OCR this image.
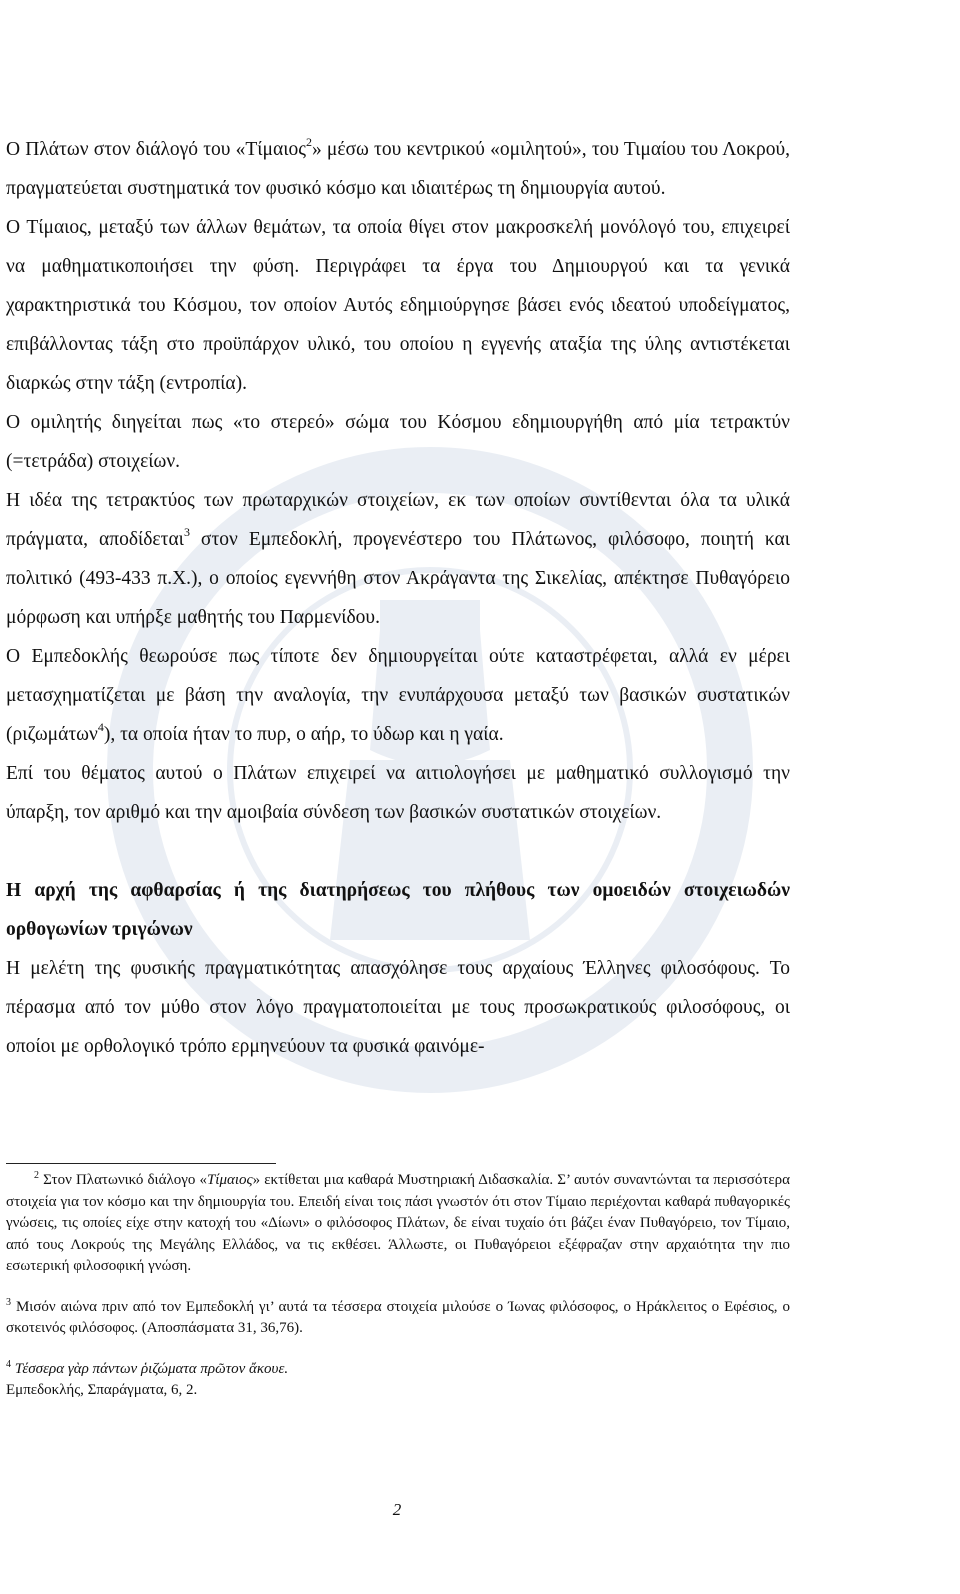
Ο Πλάτων στον διάλογό του «Τίμαιος$^2$» μέσω του κεντρικού «ομιλητού», του Τιμαίου του Λοκρού, πραγματεύεται συστηματικά τον φυσικό κόσμο και ιδιαιτέρως τη δημιουργία αυτού.

Ο Τίμαιος, μεταξύ των άλλων θεμάτων, τα οποία θίγει στον μακροσκελή μονόλογό του, επιχειρεί να μαθηματικοποιήσει την φύση. Περιγράφει τα έργα του Δημιουργού και τα γενικά χαρακτηριστικά του Κόσμου, τον οποίον Αυτός εδημιούργησε βάσει ενός ιδεατού υποδείγματος, επιβάλλοντας τάξη στο προϋπάρχον υλικό, του οποίου η εγγενής αταξία της ύλης αντιστέκεται διαρκώς στην τάξη (εντροπία).

Ο ομιλητής διηγείται πως «το στερεό» σώμα του Κόσμου εδημιουργήθη από μία τετρακτύν (=τετράδα) στοιχείων.

Η ιδέα της τετρακτύος των πρωταρχικών στοιχείων, εκ των οποίων συντίθενται όλα τα υλικά πράγματα, αποδίδεται$^3$ στον Εμπεδοκλή, προγενέστερο του Πλάτωνος, φιλόσοφο, ποιητή και πολιτικό (493-433 π.Χ.), ο οποίος εγεννήθη στον Ακράγαντα της Σικελίας, απέκτησε Πυθαγόρειο μόρφωση και υπήρξε μαθητής του Παρμενίδου.

Ο Εμπεδοκλής θεωρούσε πως τίποτε δεν δημιουργείται ούτε καταστρέφεται, αλλά εν μέρει μετασχηματίζεται με βάση την αναλογία, την ενυπάρχουσα μεταξύ των βασικών συστατικών (ριζωμάτων$^4$), τα οποία ήταν το πυρ, ο αήρ, το ύδωρ και η γαία.

Επί του θέματος αυτού ο Πλάτων επιχειρεί να αιτιολογήσει με μαθηματικό συλλογισμό την ύπαρξη, τον αριθμό και την αμοιβαία σύνδεση των βασικών συστατικών στοιχείων.

Η αρχή της αφθαρσίας ή της διατηρήσεως του πλήθους των ομοειδών στοιχειωδών ορθογωνίων τριγώνων

Η μελέτη της φυσικής πραγματικότητας απασχόλησε τους αρχαίους Έλληνες φιλοσόφους. Το πέρασμα από τον μύθο στον λόγο πραγματοποιείται με τους προσωκρατικούς φιλοσόφους, οι οποίοι με ορθολογικό τρόπο ερμηνεύουν τα φυσικά φαινόμε-

$^2$ Στον Πλατωνικό διάλογο «Τίμαιος» εκτίθεται μια καθαρά Μυστηριακή Διδασκαλία. Σ’ αυτόν συναντώνται τα περισσότερα στοιχεία για τον κόσμο και την δημιουργία του. Επειδή είναι τοις πάσι γνωστόν ότι στον Τίμαιο περιέχονται καθαρά πυθαγορικές γνώσεις, τις οποίες είχε στην κατοχή του «Δίωνι» ο φιλόσοφος Πλάτων, δε είναι τυχαίο ότι βάζει έναν Πυθαγόρειο, τον Τίμαιο, από τους Λοκρούς της Μεγάλης Ελλάδος, να τις εκθέσει. Άλλωστε, οι Πυθαγόρειοι εξέφραζαν στην αρχαιότητα την πιο εσωτερική φιλοσοφική γνώση.

$^3$ Μισόν αιώνα πριν από τον Εμπεδοκλή γι’ αυτά τα τέσσερα στοιχεία μιλούσε ο Ίωνας φιλόσοφος, ο Ηράκλειτος ο Εφέσιος, ο σκοτεινός φιλόσοφος. (Αποσπάσματα 31, 36,76).

$^4$ Τέσσερα γὰρ πάντων ῥιζώματα πρῶτον ἄκουε.

Εμπεδοκλής, Σπαράγματα, 6, 2.

2
